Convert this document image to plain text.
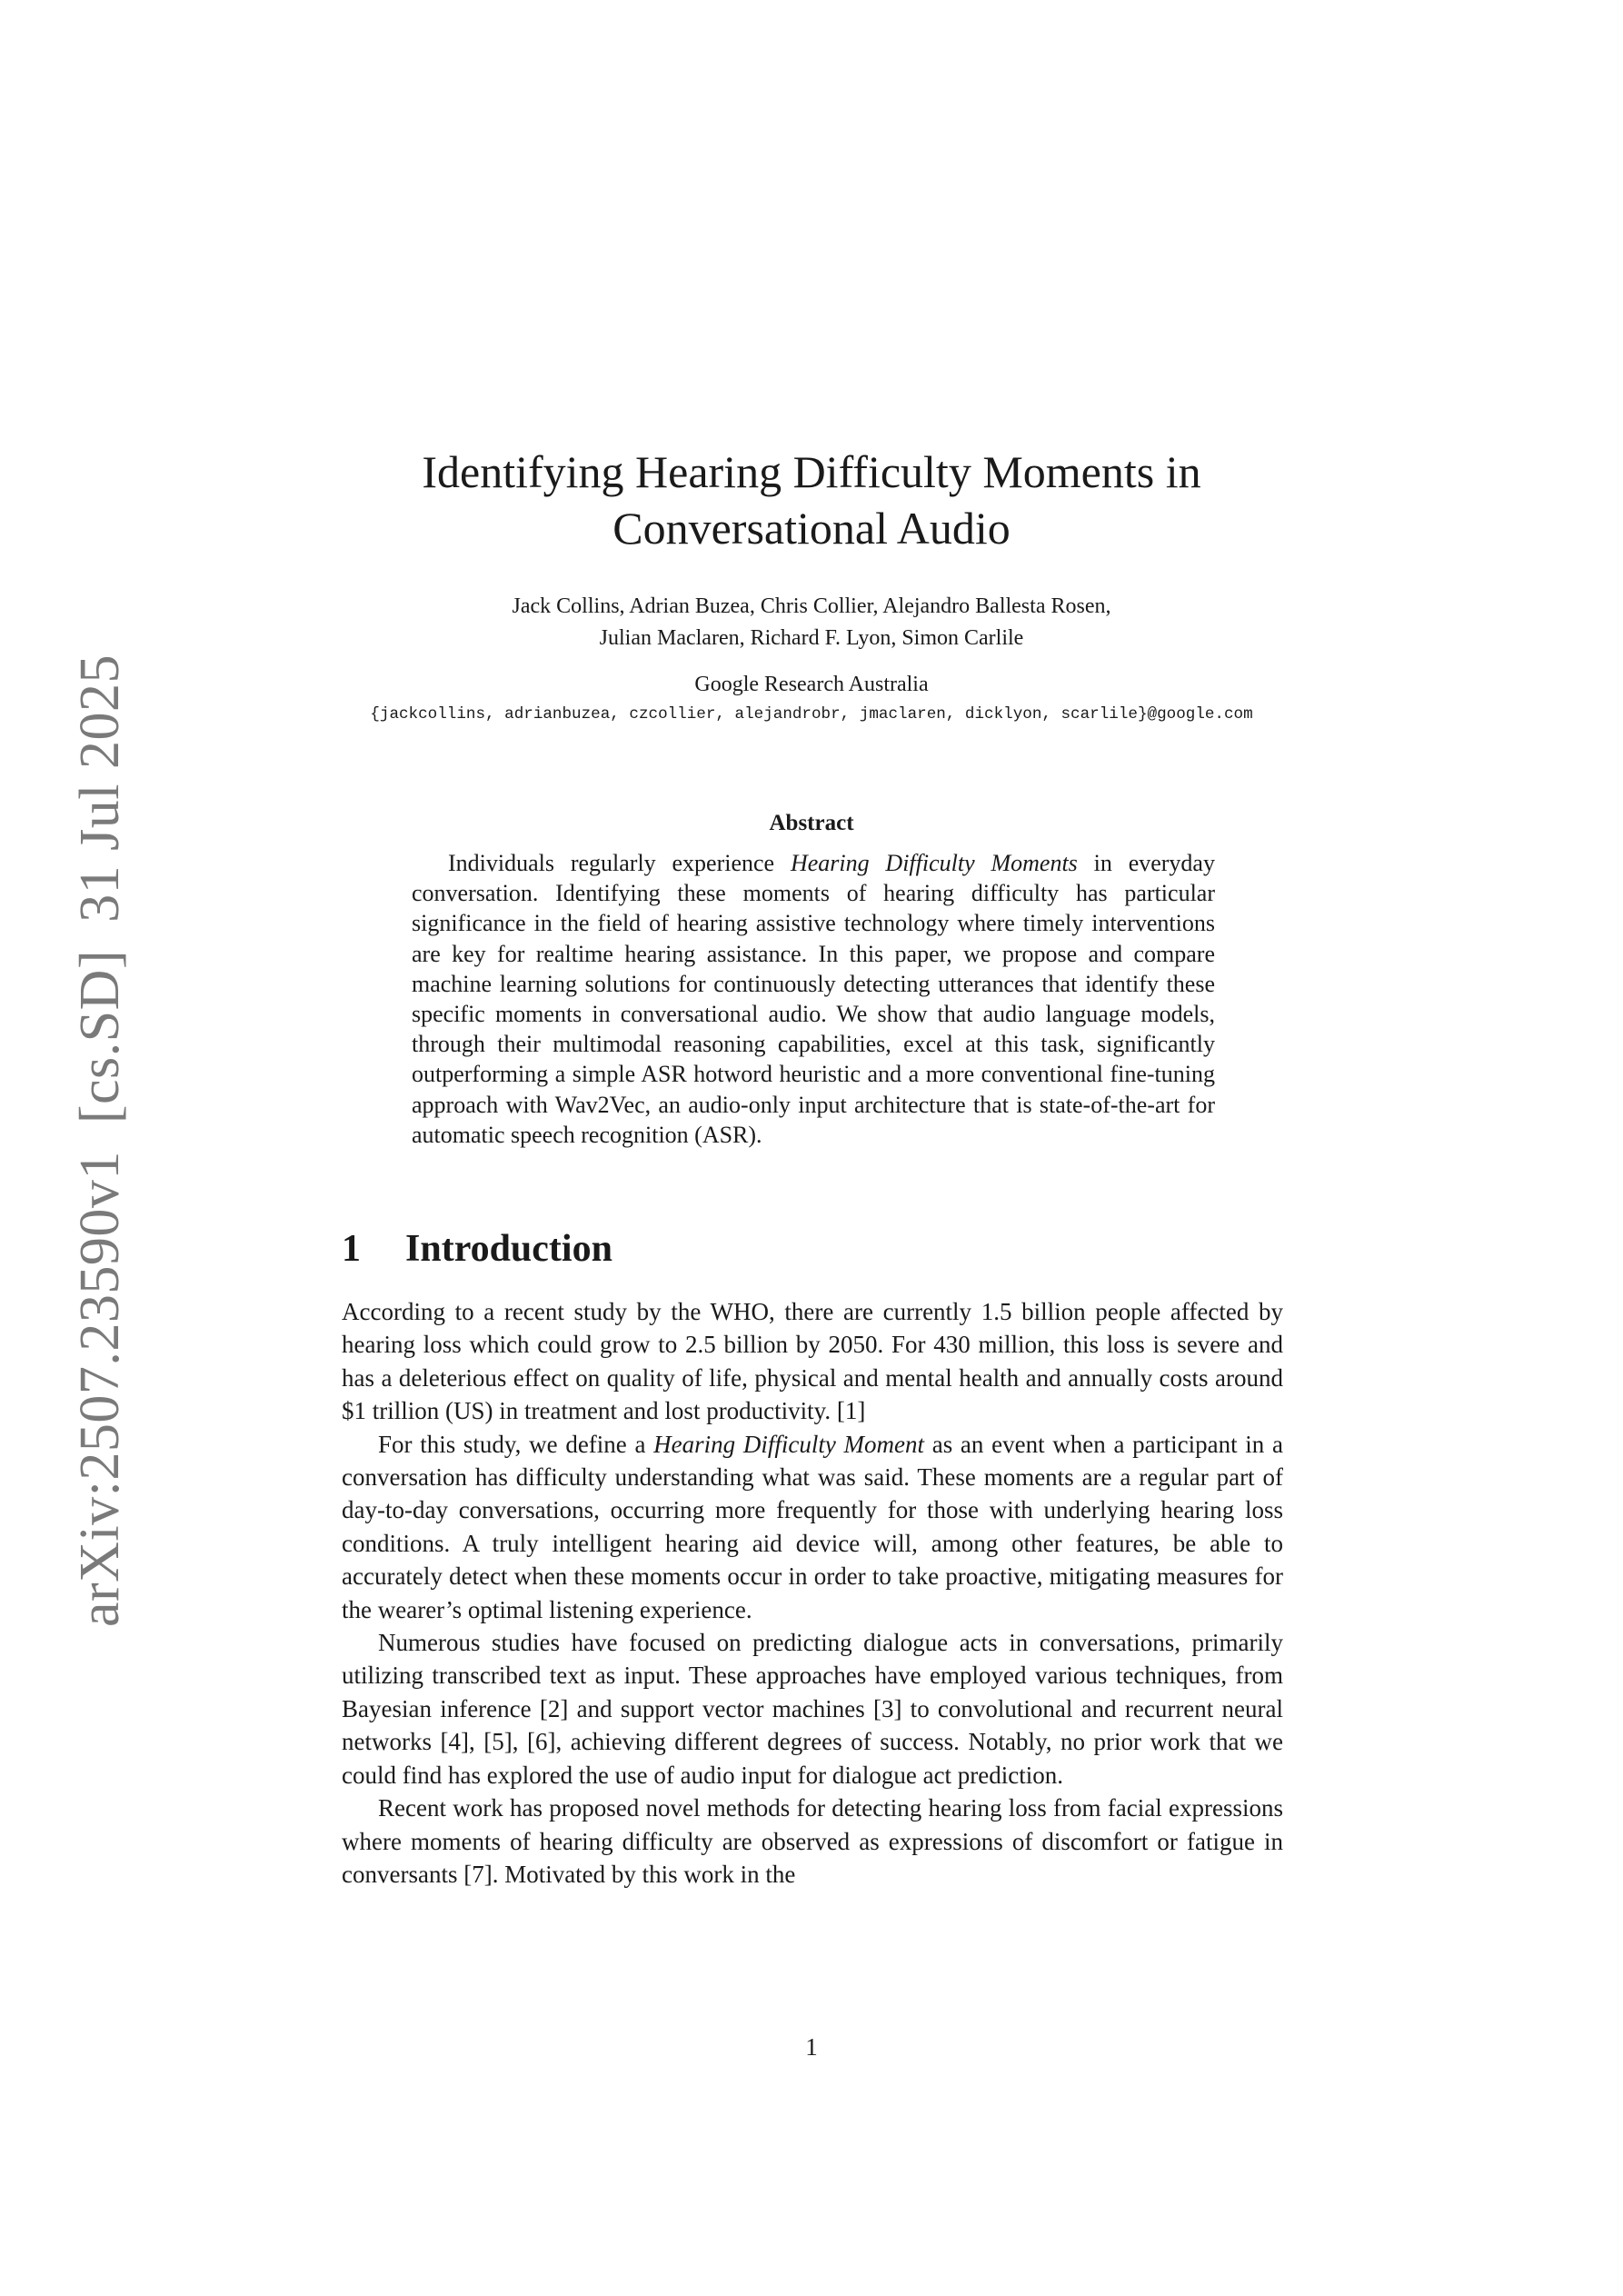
arXiv:2507.23590v1[cs.SD]31 Jul 2025
Identifying Hearing Difficulty Moments in
Conversational Audio
Jack Collins, Adrian Buzea, Chris Collier, Alejandro Ballesta Rosen,
Julian Maclaren, Richard F. Lyon, Simon Carlile
Google Research Australia
{jackcollins, adrianbuzea, czcollier, alejandrobr, jmaclaren, dicklyon, scarlile}@google.com
Abstract
Individuals regularly experience Hearing Difficulty Moments in everyday conversation. Identifying these moments of hearing difficulty has particular significance in the field of hearing assistive technology where timely interventions are key for realtime hearing assistance. In this paper, we propose and compare machine learning solutions for continuously detecting utterances that identify these specific moments in conversational audio. We show that audio language models, through their multimodal reasoning capabilities, excel at this task, significantly outperforming a simple ASR hotword heuristic and a more conventional fine-tuning approach with Wav2Vec, an audio-only input architecture that is state-of-the-art for automatic speech recognition (ASR).
1 Introduction

According to a recent study by the WHO, there are currently 1.5 billion people affected by hearing loss which could grow to 2.5 billion by 2050. For 430 million, this loss is severe and has a deleterious effect on quality of life, physical and mental health and annually costs around $1 trillion (US) in treatment and lost productivity. [1]

For this study, we define a Hearing Difficulty Moment as an event when a participant in a conversation has difficulty understanding what was said. These moments are a regular part of day-to-day conversations, occurring more frequently for those with underlying hearing loss conditions. A truly intelligent hearing aid device will, among other features, be able to accurately detect when these moments occur in order to take proactive, mitigating measures for the wearer’s optimal listening experience.

Numerous studies have focused on predicting dialogue acts in conversations, primarily utilizing transcribed text as input. These approaches have employed various techniques, from Bayesian inference [2] and support vector machines [3] to convolutional and recurrent neural networks [4], [5], [6], achieving different degrees of success. Notably, no prior work that we could find has explored the use of audio input for dialogue act prediction.

Recent work has proposed novel methods for detecting hearing loss from facial expressions where moments of hearing difficulty are observed as expressions of discomfort or fatigue in conversants [7]. Motivated by this work in the

1
